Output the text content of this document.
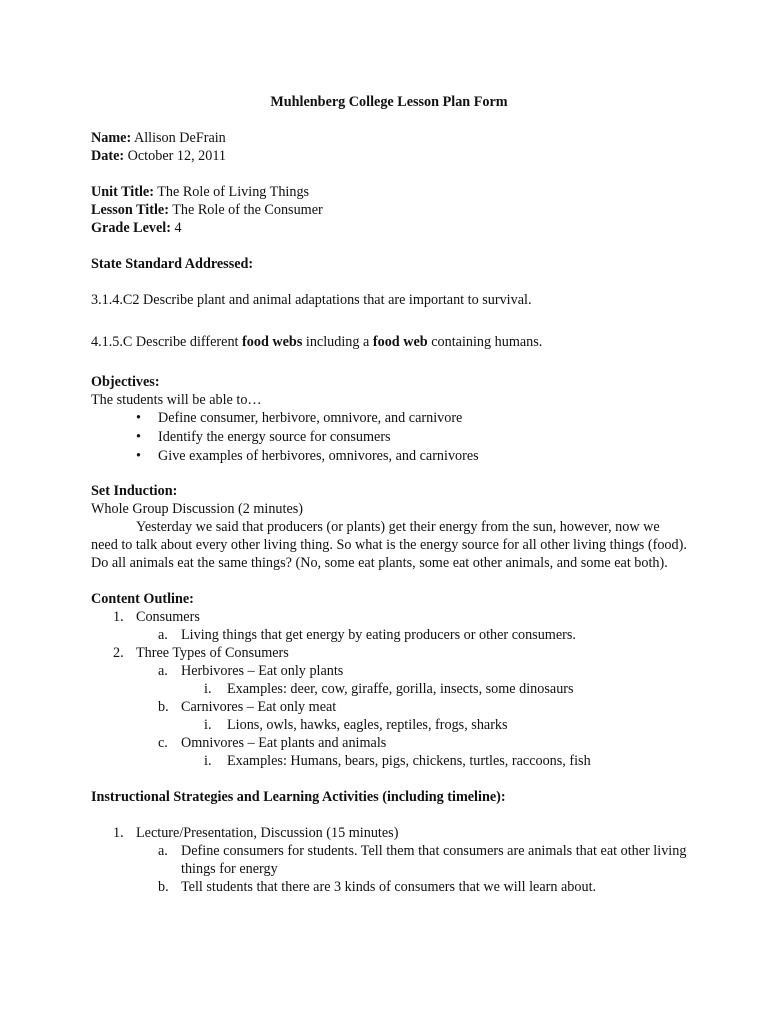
Muhlenberg College Lesson Plan Form

Name: Allison DeFrain

Date: October 12, 2011

Unit Title: The Role of Living Things

Lesson Title: The Role of the Consumer

Grade Level: 4

State Standard Addressed:

3.1.4.C2 Describe plant and animal adaptations that are important to survival.

4.1.5.C Describe different food webs including a food web containing humans.

Objectives:

The students will be able to…

• Define consumer, herbivore, omnivore, and carnivore
• Identify the energy source for consumers
• Give examples of herbivores, omnivores, and carnivores

Set Induction:

Whole Group Discussion (2 minutes)

Yesterday we said that producers (or plants) get their energy from the sun, however, now we need to talk about every other living thing. So what is the energy source for all other living things (food). Do all animals eat the same things? (No, some eat plants, some eat other animals, and some eat both).

Content Outline:

1. Consumers
a. Living things that get energy by eating producers or other consumers.
2. Three Types of Consumers
a. Herbivores – Eat only plants
i. Examples: deer, cow, giraffe, gorilla, insects, some dinosaurs
b. Carnivores – Eat only meat
i. Lions, owls, hawks, eagles, reptiles, frogs, sharks
c. Omnivores – Eat plants and animals
i. Examples: Humans, bears, pigs, chickens, turtles, raccoons, fish

Instructional Strategies and Learning Activities (including timeline):

1. Lecture/Presentation, Discussion (15 minutes)
a. Define consumers for students. Tell them that consumers are animals that eat other living things for energy
b. Tell students that there are 3 kinds of consumers that we will learn about.
